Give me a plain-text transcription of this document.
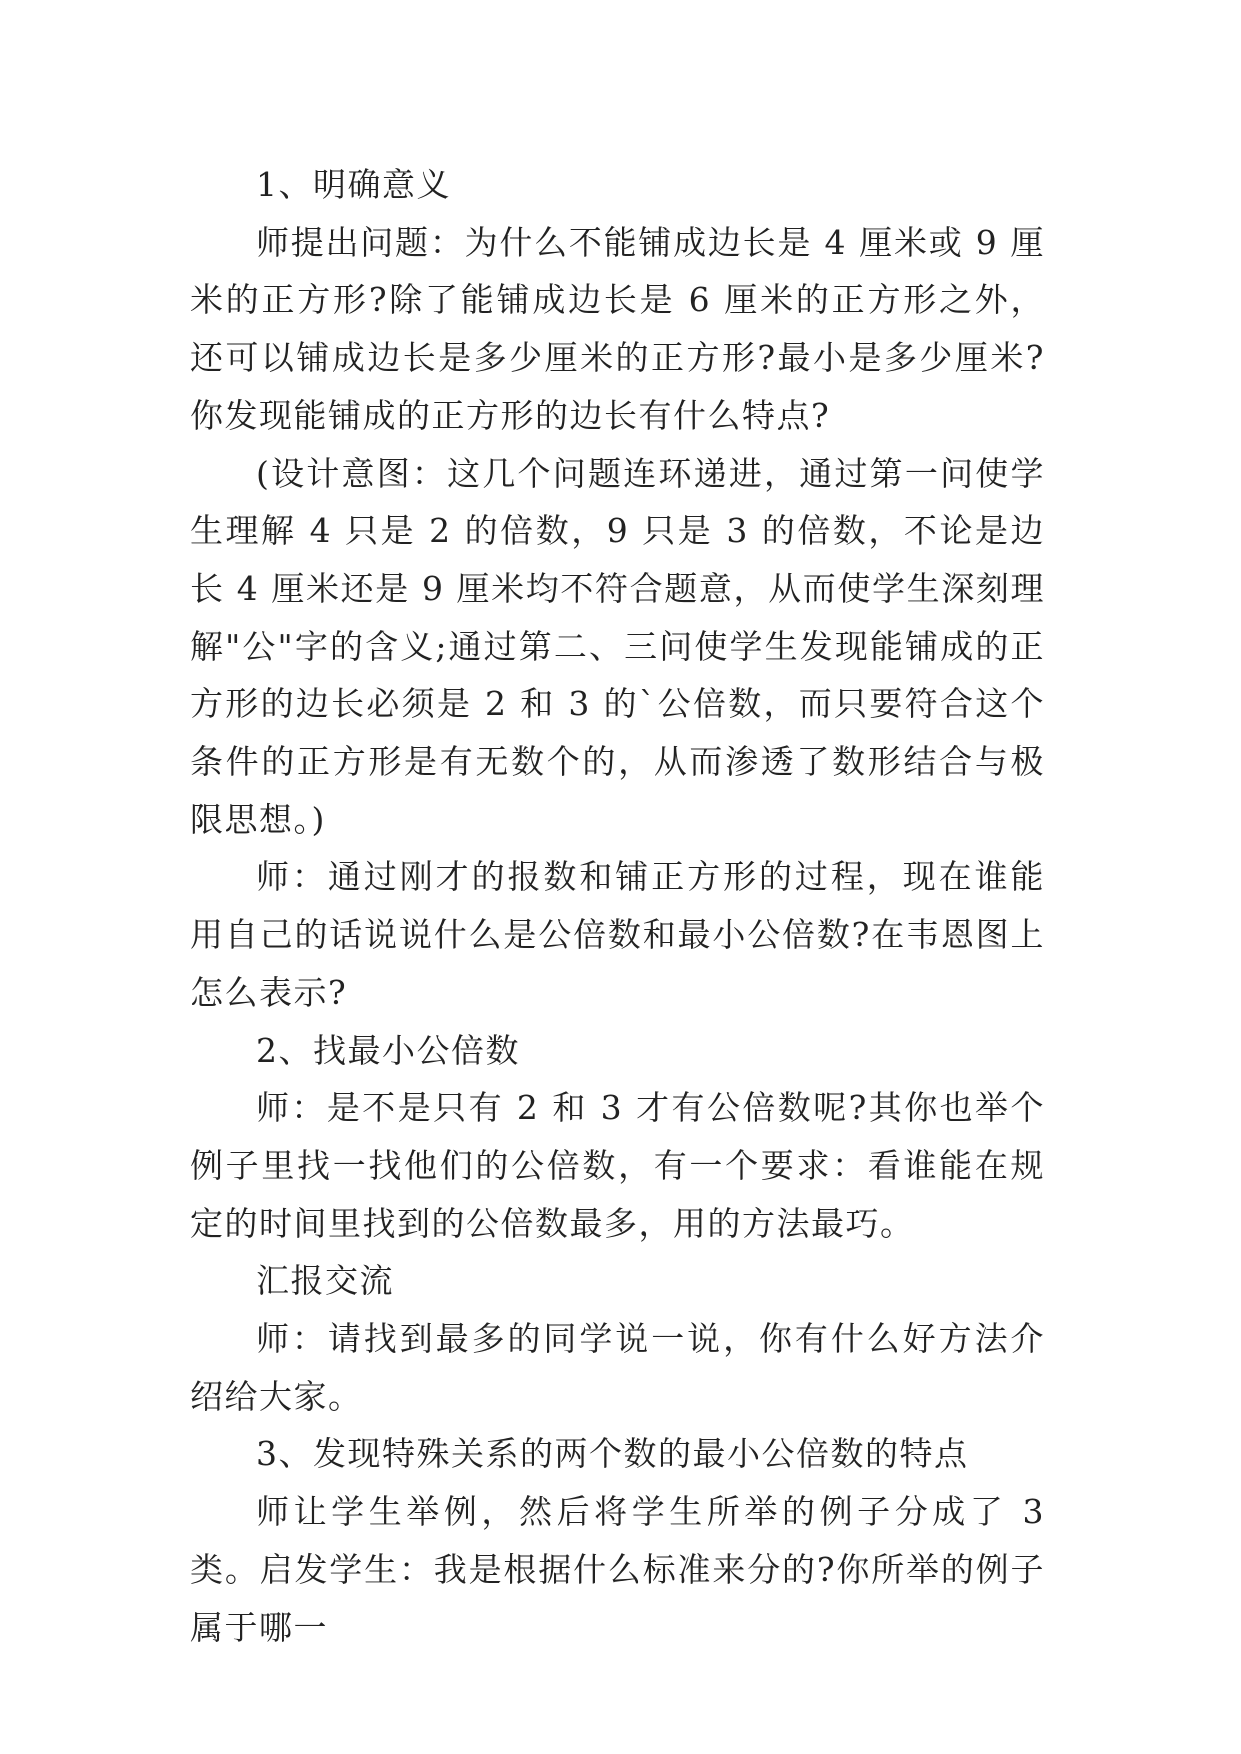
1、明确意义

师提出问题：为什么不能铺成边长是 4 厘米或 9 厘米的正方形?除了能铺成边长是 6 厘米的正方形之外，还可以铺成边长是多少厘米的正方形?最小是多少厘米?你发现能铺成的正方形的边长有什么特点?

(设计意图：这几个问题连环递进，通过第一问使学生理解 4 只是 2 的倍数，9 只是 3 的倍数，不论是边长 4 厘米还是 9 厘米均不符合题意，从而使学生深刻理解"公"字的含义;通过第二、三问使学生发现能铺成的正方形的边长必须是 2 和 3 的`公倍数，而只要符合这个条件的正方形是有无数个的，从而渗透了数形结合与极限思想。)

师：通过刚才的报数和铺正方形的过程，现在谁能用自己的话说说什么是公倍数和最小公倍数?在韦恩图上怎么表示?

2、找最小公倍数

师：是不是只有 2 和 3 才有公倍数呢?其你也举个例子里找一找他们的公倍数，有一个要求：看谁能在规定的时间里找到的公倍数最多，用的方法最巧。

汇报交流

师：请找到最多的同学说一说，你有什么好方法介绍给大家。

3、发现特殊关系的两个数的最小公倍数的特点

师让学生举例，然后将学生所举的例子分成了 3 类。启发学生：我是根据什么标准来分的?你所举的例子属于哪一
